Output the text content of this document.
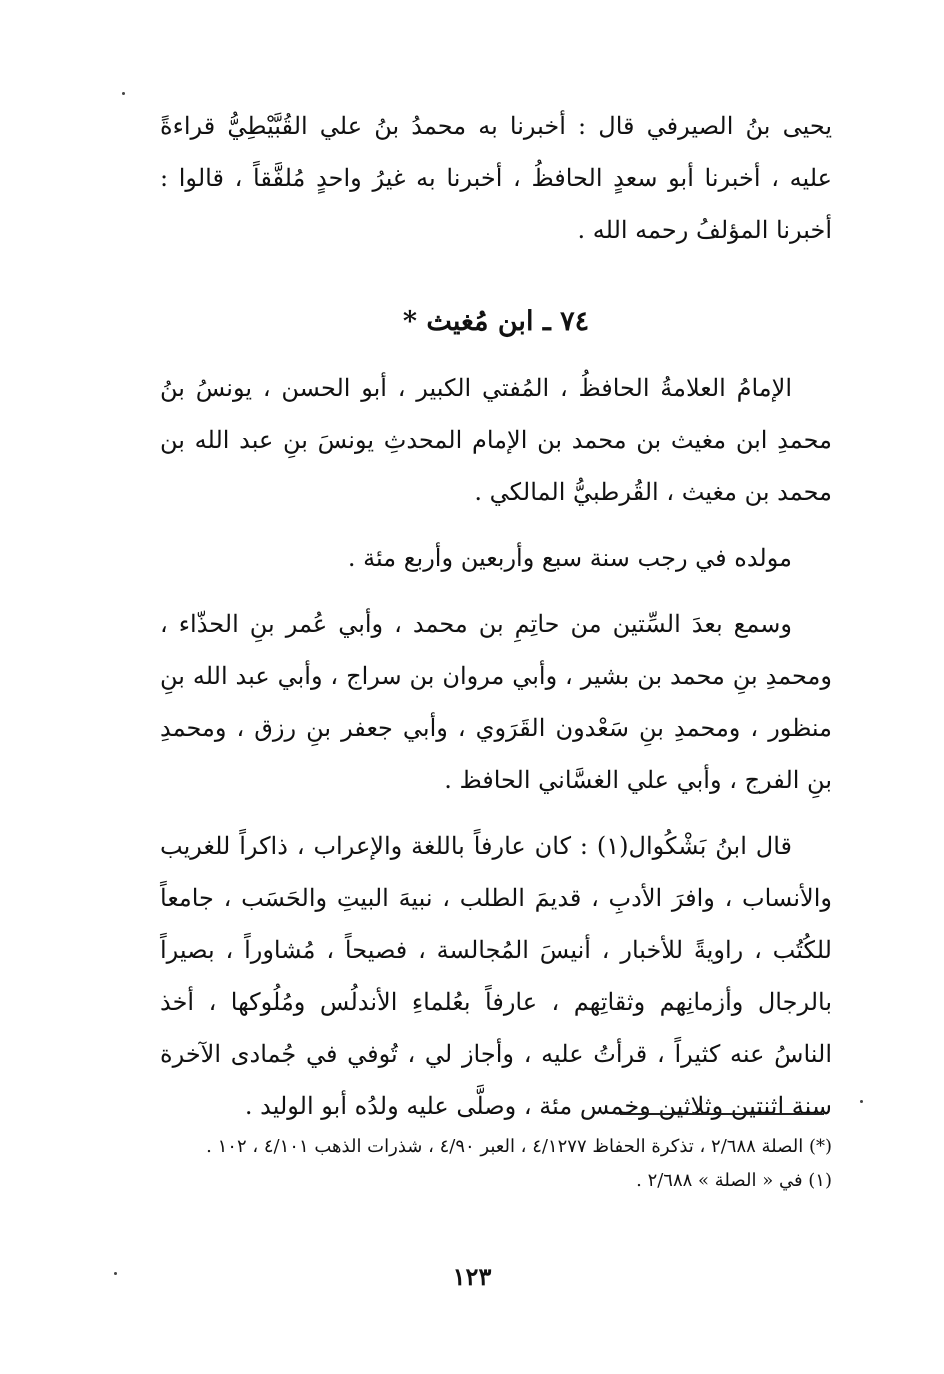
يحيى بنُ الصيرفي قال : أخبرنا به محمدُ بنُ علي القُبَّيْطِيُّ قراءةً عليه ، أخبرنا أبو سعدٍ الحافظُ ، أخبرنا به غيرُ واحدٍ مُلفَّقاً ، قالوا : أخبرنا المؤلفُ رحمه الله .

٧٤ ـ ابن مُغيث *

الإمامُ العلامةُ الحافظُ ، المُفتي الكبير ، أبو الحسن ، يونسُ بنُ محمدِ ابن مغيث بن محمد بن الإمام المحدثِ يونسَ بنِ عبد الله بن محمد بن مغيث ، القُرطبيُّ المالكي .

مولده في رجب سنة سبع وأربعين وأربع مئة .

وسمع بعدَ السِّتين من حاتِمِ بن محمد ، وأبي عُمر بنِ الحذّاء ، ومحمدِ بنِ محمد بن بشير ، وأبي مروان بن سراج ، وأبي عبد الله بنِ منظور ، ومحمدِ بنِ سَعْدون القَرَوي ، وأبي جعفر بنِ رزق ، ومحمدِ بنِ الفرج ، وأبي علي الغسَّاني الحافظ .

قال ابنُ بَشْكُوال(١) : كان عارفاً باللغة والإعراب ، ذاكراً للغريب والأنساب ، وافرَ الأدبِ ، قديمَ الطلب ، نبيهَ البيتِ والحَسَب ، جامعاً للكُتُب ، راويةً للأخبار ، أنيسَ المُجالسة ، فصيحاً ، مُشاوراً ، بصيراً بالرجال وأزمانِهم وثقاتِهم ، عارفاً بعُلماءِ الأندلُس ومُلُوكها ، أخذ الناسُ عنه كثيراً ، قرأتُ عليه ، وأجاز لي ، تُوفي في جُمادى الآخرة سنة اثنتين وثلاثين وخمس مئة ، وصلَّى عليه ولدُه أبو الوليد .

(*) الصلة ٢/٦٨٨ ، تذكرة الحفاظ ٤/١٢٧٧ ، العبر ٤/٩٠ ، شذرات الذهب ٤/١٠١ ، ١٠٢ .

(١) في « الصلة » ٢/٦٨٨ .

١٢٣
